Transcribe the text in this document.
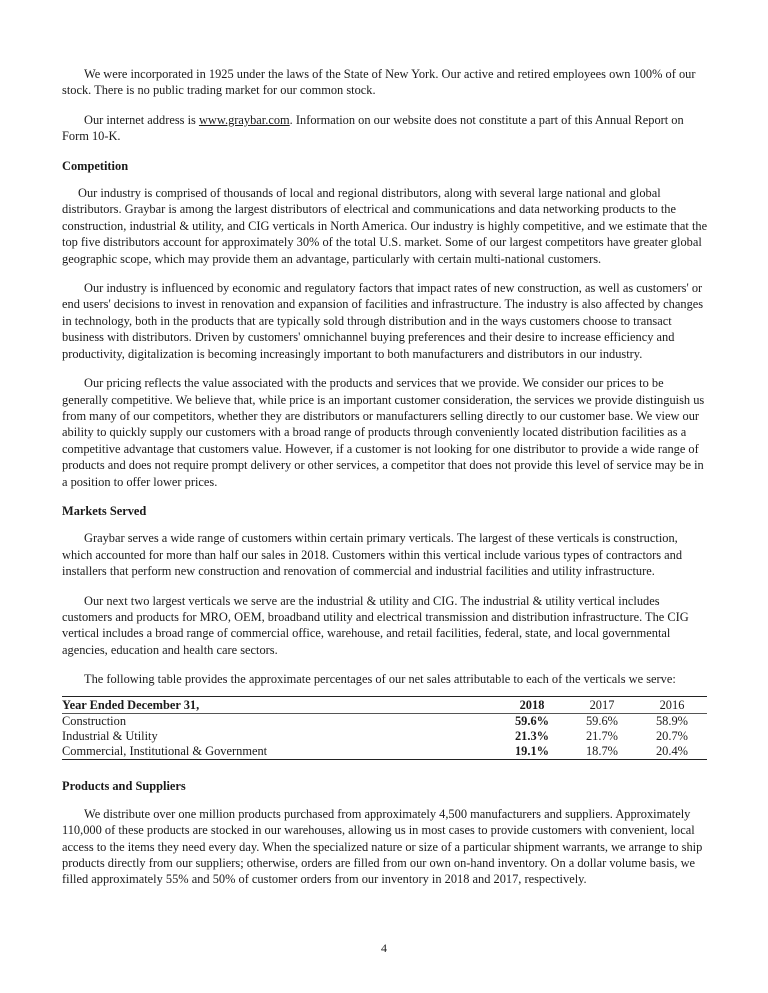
We were incorporated in 1925 under the laws of the State of New York. Our active and retired employees own 100% of our stock. There is no public trading market for our common stock.

Our internet address is www.graybar.com. Information on our website does not constitute a part of this Annual Report on Form 10-K.

Competition

Our industry is comprised of thousands of local and regional distributors, along with several large national and global distributors. Graybar is among the largest distributors of electrical and communications and data networking products to the construction, industrial & utility, and CIG verticals in North America. Our industry is highly competitive, and we estimate that the top five distributors account for approximately 30% of the total U.S. market. Some of our largest competitors have greater global geographic scope, which may provide them an advantage, particularly with certain multi-national customers.

Our industry is influenced by economic and regulatory factors that impact rates of new construction, as well as customers' or end users' decisions to invest in renovation and expansion of facilities and infrastructure. The industry is also affected by changes in technology, both in the products that are typically sold through distribution and in the ways customers choose to transact business with distributors. Driven by customers' omnichannel buying preferences and their desire to increase efficiency and productivity, digitalization is becoming increasingly important to both manufacturers and distributors in our industry.

Our pricing reflects the value associated with the products and services that we provide. We consider our prices to be generally competitive. We believe that, while price is an important customer consideration, the services we provide distinguish us from many of our competitors, whether they are distributors or manufacturers selling directly to our customer base. We view our ability to quickly supply our customers with a broad range of products through conveniently located distribution facilities as a competitive advantage that customers value. However, if a customer is not looking for one distributor to provide a wide range of products and does not require prompt delivery or other services, a competitor that does not provide this level of service may be in a position to offer lower prices.

Markets Served

Graybar serves a wide range of customers within certain primary verticals. The largest of these verticals is construction, which accounted for more than half our sales in 2018. Customers within this vertical include various types of contractors and installers that perform new construction and renovation of commercial and industrial facilities and utility infrastructure.

Our next two largest verticals we serve are the industrial & utility and CIG. The industrial & utility vertical includes customers and products for MRO, OEM, broadband utility and electrical transmission and distribution infrastructure. The CIG vertical includes a broad range of commercial office, warehouse, and retail facilities, federal, state, and local governmental agencies, education and health care sectors.

The following table provides the approximate percentages of our net sales attributable to each of the verticals we serve:

Year Ended December 31,	2018	2017	2016
Construction	59.6%	59.6%	58.9%
Industrial & Utility	21.3%	21.7%	20.7%
Commercial, Institutional & Government	19.1%	18.7%	20.4%
Products and Suppliers

We distribute over one million products purchased from approximately 4,500 manufacturers and suppliers. Approximately 110,000 of these products are stocked in our warehouses, allowing us in most cases to provide customers with convenient, local access to the items they need every day. When the specialized nature or size of a particular shipment warrants, we arrange to ship products directly from our suppliers; otherwise, orders are filled from our own on-hand inventory. On a dollar volume basis, we filled approximately 55% and 50% of customer orders from our inventory in 2018 and 2017, respectively.

4
